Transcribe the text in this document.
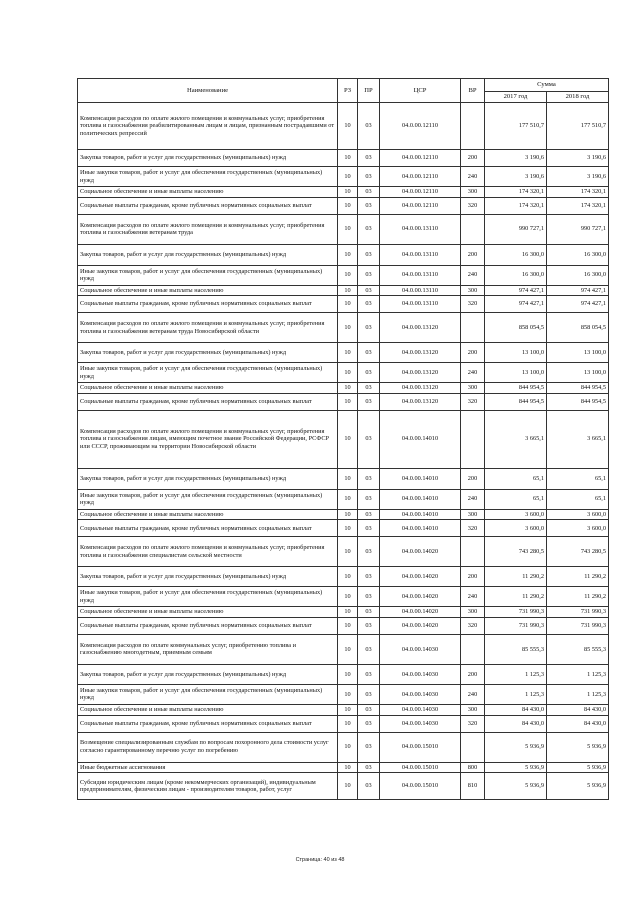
Наименование	РЗ	ПР	ЦСР	ВР	Сумма	
					2017 год	2018 год
Компенсация расходов по оплате жилого помещения и коммунальных услуг, приобретения топлива и газоснабжения реабилитированным лицам и лицам, признанным пострадавшими от политических репрессий	10	03	04.0.00.12110		177 510,7	177 510,7
Закупка товаров, работ и услуг для государственных (муниципальных) нужд	10	03	04.0.00.12110	200	3 190,6	3 190,6
Иные закупки товаров, работ и услуг для обеспечения государственных (муниципальных) нужд	10	03	04.0.00.12110	240	3 190,6	3 190,6
Социальное обеспечение и иные выплаты населению	10	03	04.0.00.12110	300	174 320,1	174 320,1
Социальные выплаты гражданам, кроме публичных нормативных социальных выплат	10	03	04.0.00.12110	320	174 320,1	174 320,1
Компенсация расходов по оплате жилого помещения и коммунальных услуг, приобретения топлива и газоснабжения ветеранам труда	10	03	04.0.00.13110		990 727,1	990 727,1
Закупка товаров, работ и услуг для государственных (муниципальных) нужд	10	03	04.0.00.13110	200	16 300,0	16 300,0
Иные закупки товаров, работ и услуг для обеспечения государственных (муниципальных) нужд	10	03	04.0.00.13110	240	16 300,0	16 300,0
Социальное обеспечение и иные выплаты населению	10	03	04.0.00.13110	300	974 427,1	974 427,1
Социальные выплаты гражданам, кроме публичных нормативных социальных выплат	10	03	04.0.00.13110	320	974 427,1	974 427,1
Компенсация расходов по оплате жилого помещения и коммунальных услуг, приобретения топлива и газоснабжения ветеранам труда Новосибирской области	10	03	04.0.00.13120		858 054,5	858 054,5
Закупка товаров, работ и услуг для государственных (муниципальных) нужд	10	03	04.0.00.13120	200	13 100,0	13 100,0
Иные закупки товаров, работ и услуг для обеспечения государственных (муниципальных) нужд	10	03	04.0.00.13120	240	13 100,0	13 100,0
Социальное обеспечение и иные выплаты населению	10	03	04.0.00.13120	300	844 954,5	844 954,5
Социальные выплаты гражданам, кроме публичных нормативных социальных выплат	10	03	04.0.00.13120	320	844 954,5	844 954,5
Компенсация расходов по оплате жилого помещения и коммунальных услуг, приобретения топлива и газоснабжения лицам, имеющим почетное звание Российской Федерации, РСФСР или СССР, проживающим на территории Новосибирской области	10	03	04.0.00.14010		3 665,1	3 665,1
Закупка товаров, работ и услуг для государственных (муниципальных) нужд	10	03	04.0.00.14010	200	65,1	65,1
Иные закупки товаров, работ и услуг для обеспечения государственных (муниципальных) нужд	10	03	04.0.00.14010	240	65,1	65,1
Социальное обеспечение и иные выплаты населению	10	03	04.0.00.14010	300	3 600,0	3 600,0
Социальные выплаты гражданам, кроме публичных нормативных социальных выплат	10	03	04.0.00.14010	320	3 600,0	3 600,0
Компенсация расходов по оплате жилого помещения и коммунальных услуг, приобретения топлива и газоснабжения специалистам сельской местности	10	03	04.0.00.14020		743 280,5	743 280,5
Закупка товаров, работ и услуг для государственных (муниципальных) нужд	10	03	04.0.00.14020	200	11 290,2	11 290,2
Иные закупки товаров, работ и услуг для обеспечения государственных (муниципальных) нужд	10	03	04.0.00.14020	240	11 290,2	11 290,2
Социальное обеспечение и иные выплаты населению	10	03	04.0.00.14020	300	731 990,3	731 990,3
Социальные выплаты гражданам, кроме публичных нормативных социальных выплат	10	03	04.0.00.14020	320	731 990,3	731 990,3
Компенсация расходов по оплате коммунальных услуг, приобретению топлива и газоснабжению многодетным, приемным семьям	10	03	04.0.00.14030		85 555,3	85 555,3
Закупка товаров, работ и услуг для государственных (муниципальных) нужд	10	03	04.0.00.14030	200	1 125,3	1 125,3
Иные закупки товаров, работ и услуг для обеспечения государственных (муниципальных) нужд	10	03	04.0.00.14030	240	1 125,3	1 125,3
Социальное обеспечение и иные выплаты населению	10	03	04.0.00.14030	300	84 430,0	84 430,0
Социальные выплаты гражданам, кроме публичных нормативных социальных выплат	10	03	04.0.00.14030	320	84 430,0	84 430,0
Возмещение специализированным службам по вопросам похоронного дела стоимости услуг согласно гарантированному перечню услуг по погребению	10	03	04.0.00.15010		5 936,9	5 936,9
Иные бюджетные ассигнования	10	03	04.0.00.15010	800	5 936,9	5 936,9
Субсидии юридическим лицам (кроме некоммерческих организаций), индивидуальным предпринимателям, физическим лицам - производителям товаров, работ, услуг	10	03	04.0.00.15010	810	5 936,9	5 936,9
Страница: 40 из 48
